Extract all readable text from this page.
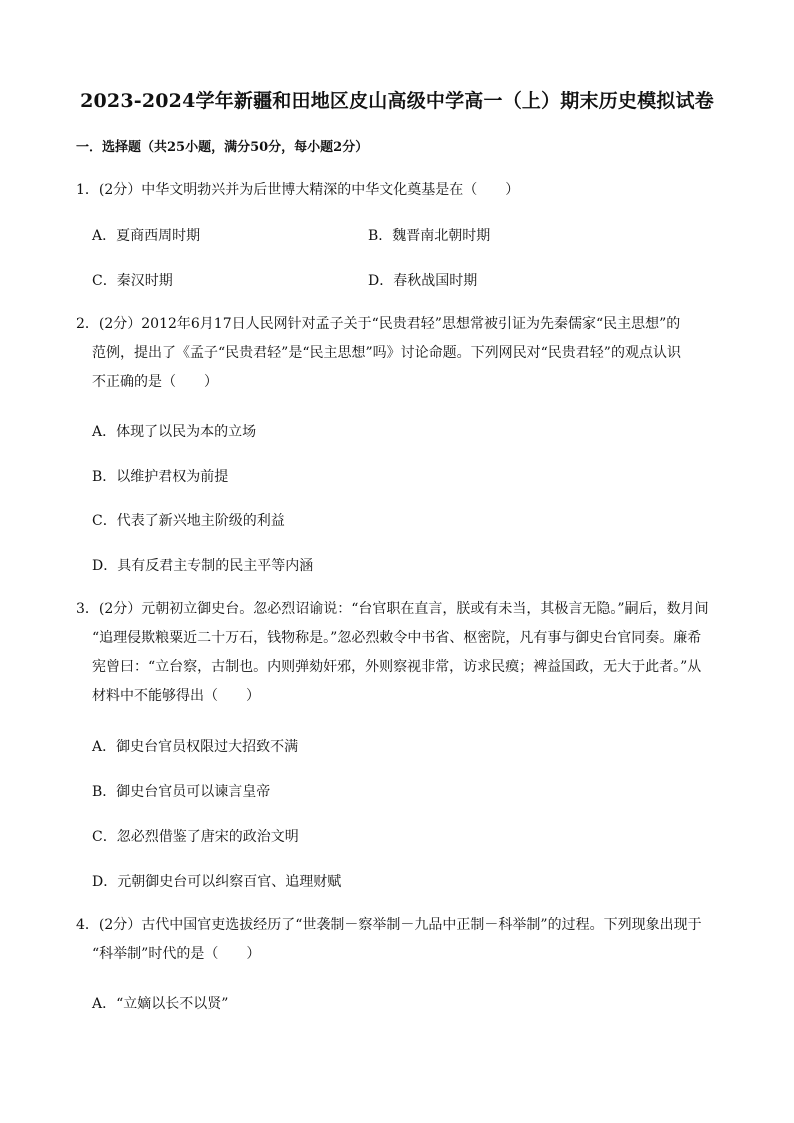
2023-2024学年新疆和田地区皮山高级中学高一（上）期末历史模拟试卷
一．选择题（共25小题，满分50分，每小题2分）
1．(2分）中华文明勃兴并为后世博大精深的中华文化奠基是在（　　）
A．夏商西周时期	B．魏晋南北朝时期
C．秦汉时期	D．春秋战国时期
2．(2分）2012年6月17日人民网针对孟子关于“民贵君轻”思想常被引证为先秦儒家“民主思想”的
范例，提出了《孟子“民贵君轻”是“民主思想”吗》讨论命题。下列网民对“民贵君轻”的观点认识
不正确的是（　　）
A．体现了以民为本的立场
B．以维护君权为前提
C．代表了新兴地主阶级的利益
D．具有反君主专制的民主平等内涵
3．(2分）元朝初立御史台。忽必烈诏谕说：“台官职在直言，朕或有未当，其极言无隐。”嗣后，数月间
“追理侵欺粮粟近二十万石，钱物称是。”忽必烈敕令中书省、枢密院，凡有事与御史台官同奏。廉希
宪曾曰：“立台察，古制也。内则弹劾奸邪，外则察视非常，访求民瘼；裨益国政，无大于此者。”从
材料中不能够得出（　　）
A．御史台官员权限过大招致不满
B．御史台官员可以谏言皇帝
C．忽必烈借鉴了唐宋的政治文明
D．元朝御史台可以纠察百官、追理财赋
4．(2分）古代中国官吏选拔经历了“世袭制－察举制－九品中正制－科举制”的过程。下列现象出现于
“科举制”时代的是（　　）
A．“立嫡以长不以贤”
